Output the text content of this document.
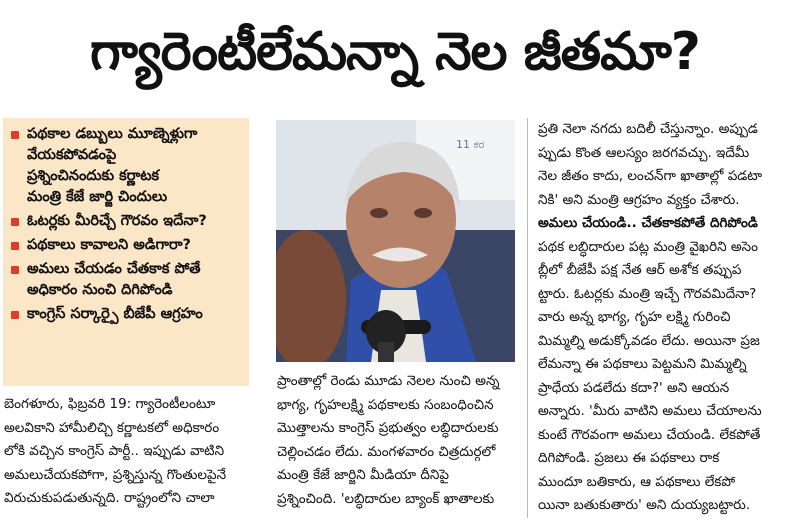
గ్యారెంటీలేమన్నా నెల జీతమా?
పథకాల డబ్బులు మూణ్నెళ్లుగా
వేయకపోవడంపై
ప్రశ్నించినందుకు కర్ణాటక
మంత్రి కేజే జార్జి చిందులు
ఓటర్లకు మీరిచ్చే గౌరవం ఇదేనా?
పథకాలు కావాలని అడిగారా?
అమలు చేయడం చేతకాక పోతే
అధికారం నుంచి దిగిపోండి
కాంగ్రెస్ సర్కార్పై బీజేపీ ఆగ్రహం
11 ಕರ
బెంగళూరు, ఫిబ్రవరి 19: గ్యారెంటీలంటూ
అలవికాని హామీలిచ్చి కర్ణాటకలో అధికారం
లోకి వచ్చిన కాంగ్రెస్ పార్టీ.. ఇప్పుడు వాటిని
అమలుచేయకపోగా, ప్రశ్నిస్తున్న గొంతులపైనే
విరుచుకుపడుతున్నది. రాష్ట్రంలోని చాలా
ప్రాంతాల్లో రెండు మూడు నెలల నుంచి అన్న
భాగ్య, గృహలక్ష్మి పథకాలకు సంబంధించిన
మొత్తాలను కాంగ్రెస్ ప్రభుత్వం లబ్ధిదారులకు
చెల్లించడం లేదు. మంగళవారం చిత్రదుర్గలో
మంత్రి కేజే జార్జిని మీడియా దీనిపై
ప్రశ్నించింది. 'లబ్ధిదారుల బ్యాంక్ ఖాతాలకు
ప్రతి నెలా నగదు బదిలీ చేస్తున్నాం. అప్పుడ
ప్పుడు కొంత ఆలస్యం జరగవచ్చు. ఇదేమీ
నెల జీతం కాదు, లంచన్‌గా ఖాతాల్లో పడటా
నికి' అని మంత్రి ఆగ్రహం వ్యక్తం చేశారు.
అమలు చేయండి.. చేతకాకపోతే దిగిపోండి
పథక లబ్ధిదారుల పట్ల మంత్రి వైఖరిని అసెం
బ్లీలో బీజేపీ పక్ష నేత ఆర్ అశోక తప్పుప
ట్టారు. ఓటర్లకు మంత్రి ఇచ్చే గౌరవమిదేనా?
వారు అన్న భాగ్య, గృహ లక్ష్మి గురించి
మిమ్మల్ని అడుక్కోవడం లేదు. అయినా ప్రజ
లేమన్నా ఈ పథకాలు పెట్టమని మిమ్మల్ని
ప్రాధేయ పడలేదు కదా?' అని ఆయన
అన్నారు. 'మీరు వాటిని అమలు చేయాలను
కుంటే గౌరవంగా అమలు చేయండి. లేకపోతే
దిగిపోండి. ప్రజలు ఈ పథకాలు రాక
ముందూ బతికారు, ఆ పథకాలు లేకపో
యినా బతుకుతారు' అని దుయ్యబట్టారు.
